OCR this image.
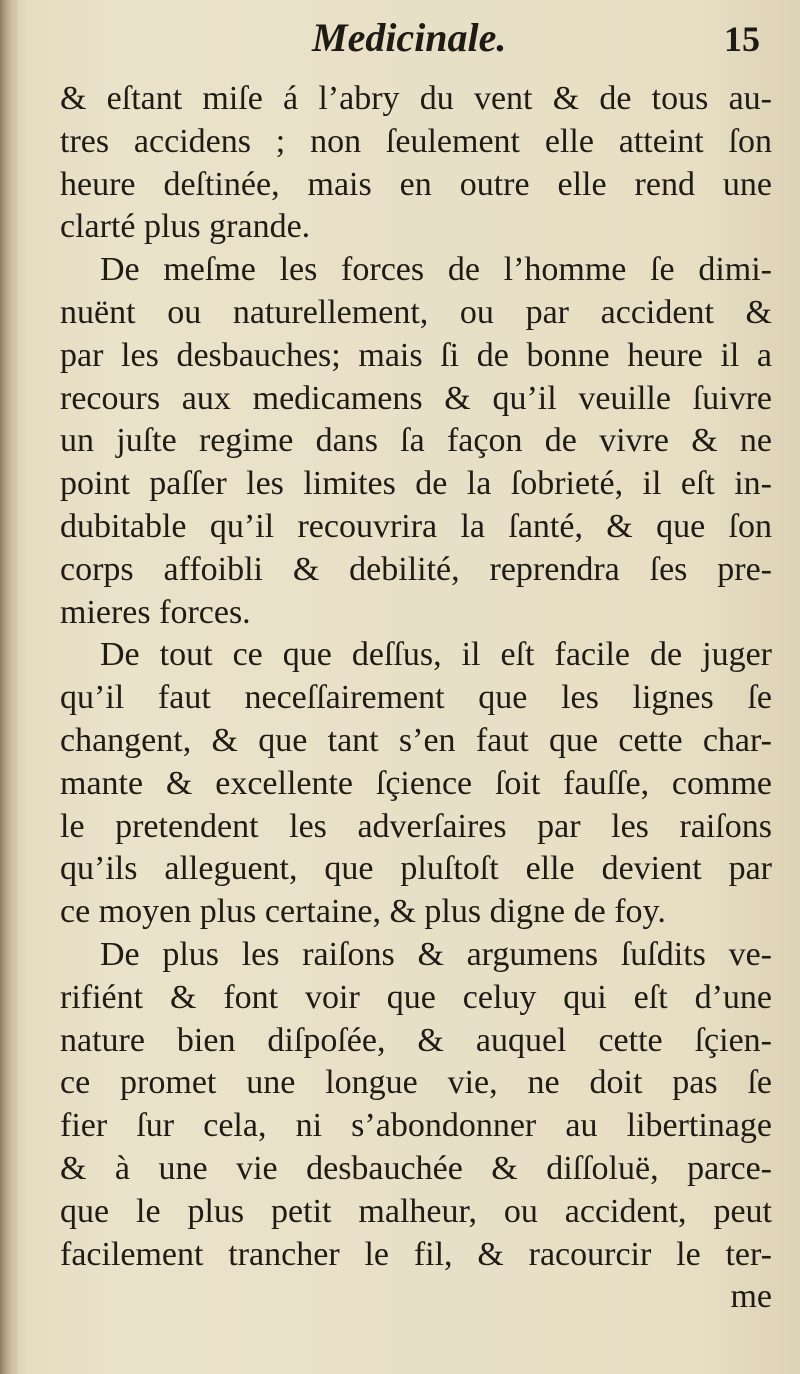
Medicinale.	15
& eſtant miſe á l’abry du vent & de tous au-
tres accidens ; non ſeulement elle atteint ſon
heure deſtinée, mais en outre elle rend une
clarté plus grande.
De meſme les forces de l’homme ſe dimi-
nuënt ou naturellement, ou par accident &
par les desbauches; mais ſi de bonne heure il a
recours aux medicamens & qu’il veuille ſuivre
un juſte regime dans ſa façon de vivre & ne
point paſſer les limites de la ſobrieté, il eſt in-
dubitable qu’il recouvrira la ſanté, & que ſon
corps affoibli & debilité, reprendra ſes pre-
mieres forces.
De tout ce que deſſus, il eſt facile de juger
qu’il faut neceſſairement que les lignes ſe
changent, & que tant s’en faut que cette char-
mante & excellente ſçience ſoit fauſſe, comme
le pretendent les adverſaires par les raiſons
qu’ils alleguent, que pluſtoſt elle devient par
ce moyen plus certaine, & plus digne de foy.
De plus les raiſons & argumens ſuſdits ve-
rifiént & font voir que celuy qui eſt d’une
nature bien diſpoſée, & auquel cette ſçien-
ce promet une longue vie, ne doit pas ſe
fier ſur cela, ni s’abondonner au libertinage
& à une vie desbauchée & diſſoluë, parce-
que le plus petit malheur, ou accident, peut
facilement trancher le fil, & racourcir le ter-
me
